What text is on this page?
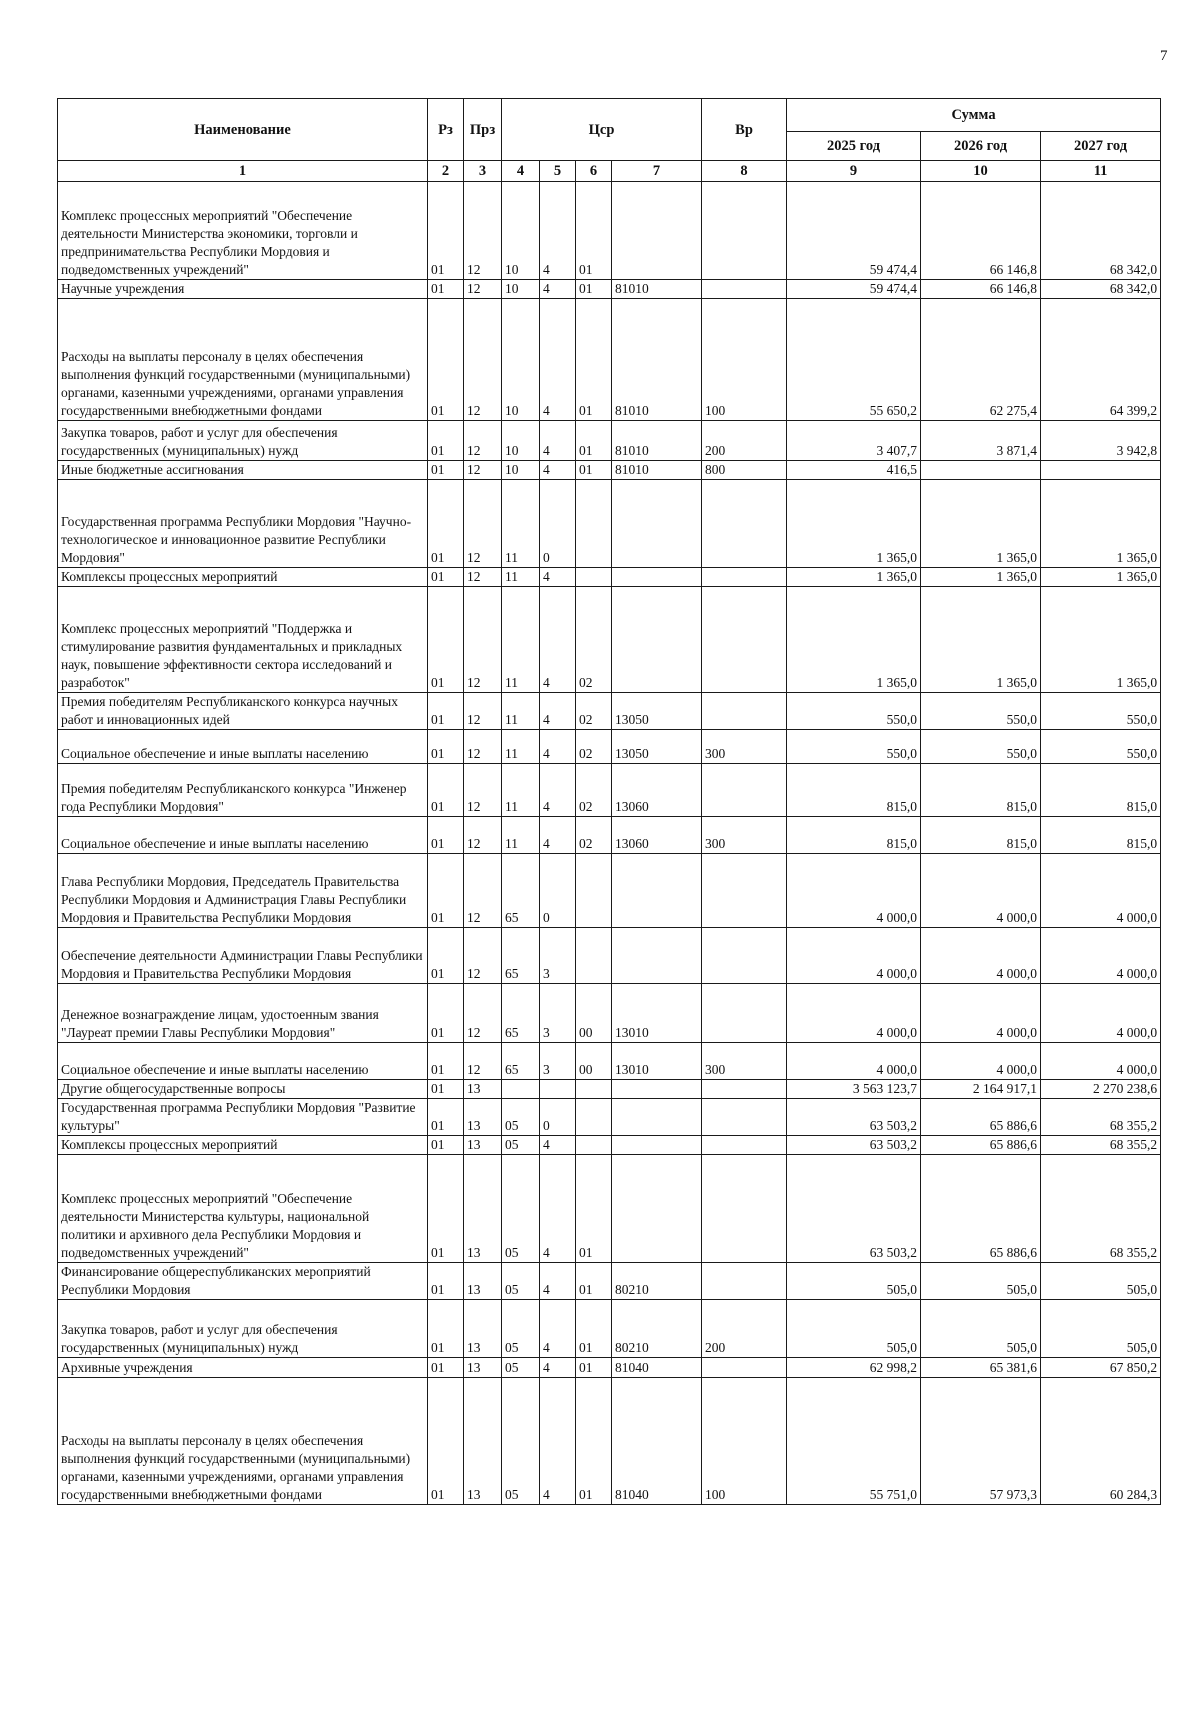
7
Наименование	Рз	Прз	Цср				Вр	Сумма		
								2025 год	2026 год	2027 год
1	2	3	4	5	6	7	8	9	10	11
Комплекс процессных мероприятий "Обеспечение деятельности Министерства экономики, торговли и предпринимательства Республики Мордовия и подведомственных учреждений"	01	12	10	4	01			59 474,4	66 146,8	68 342,0
Научные учреждения	01	12	10	4	01	81010		59 474,4	66 146,8	68 342,0
Расходы на выплаты персоналу в целях обеспечения выполнения функций государственными (муниципальными) органами, казенными учреждениями, органами управления государственными внебюджетными фондами	01	12	10	4	01	81010	100	55 650,2	62 275,4	64 399,2
Закупка товаров, работ и услуг для обеспечения государственных (муниципальных) нужд	01	12	10	4	01	81010	200	3 407,7	3 871,4	3 942,8
Иные бюджетные ассигнования	01	12	10	4	01	81010	800	416,5		
Государственная программа Республики Мордовия "Научно-технологическое и инновационное развитие Республики Мордовия"	01	12	11	0				1 365,0	1 365,0	1 365,0
Комплексы процессных мероприятий	01	12	11	4				1 365,0	1 365,0	1 365,0
Комплекс процессных мероприятий "Поддержка и стимулирование развития фундаментальных и прикладных наук, повышение эффективности сектора исследований и разработок"	01	12	11	4	02			1 365,0	1 365,0	1 365,0
Премия победителям Республиканского конкурса научных работ и инновационных идей	01	12	11	4	02	13050		550,0	550,0	550,0
Социальное обеспечение и иные выплаты населению	01	12	11	4	02	13050	300	550,0	550,0	550,0
Премия победителям Республиканского конкурса "Инженер года Республики Мордовия"	01	12	11	4	02	13060		815,0	815,0	815,0
Социальное обеспечение и иные выплаты населению	01	12	11	4	02	13060	300	815,0	815,0	815,0
Глава Республики Мордовия, Председатель Правительства Республики Мордовия и Администрация Главы Республики Мордовия и Правительства Республики Мордовия	01	12	65	0				4 000,0	4 000,0	4 000,0
Обеспечение деятельности Администрации Главы Республики Мордовия и Правительства Республики Мордовия	01	12	65	3				4 000,0	4 000,0	4 000,0
Денежное вознаграждение лицам, удостоенным звания "Лауреат премии Главы Республики Мордовия"	01	12	65	3	00	13010		4 000,0	4 000,0	4 000,0
Социальное обеспечение и иные выплаты населению	01	12	65	3	00	13010	300	4 000,0	4 000,0	4 000,0
Другие общегосударственные вопросы	01	13						3 563 123,7	2 164 917,1	2 270 238,6
Государственная программа Республики Мордовия "Развитие культуры"	01	13	05	0				63 503,2	65 886,6	68 355,2
Комплексы процессных мероприятий	01	13	05	4				63 503,2	65 886,6	68 355,2
Комплекс процессных мероприятий "Обеспечение деятельности Министерства культуры, национальной политики и архивного дела Республики Мордовия и подведомственных учреждений"	01	13	05	4	01			63 503,2	65 886,6	68 355,2
Финансирование общереспубликанских мероприятий Республики Мордовия	01	13	05	4	01	80210		505,0	505,0	505,0
Закупка товаров, работ и услуг для обеспечения государственных (муниципальных) нужд	01	13	05	4	01	80210	200	505,0	505,0	505,0
Архивные учреждения	01	13	05	4	01	81040		62 998,2	65 381,6	67 850,2
Расходы на выплаты персоналу в целях обеспечения выполнения функций государственными (муниципальными) органами, казенными учреждениями, органами управления государственными внебюджетными фондами	01	13	05	4	01	81040	100	55 751,0	57 973,3	60 284,3
